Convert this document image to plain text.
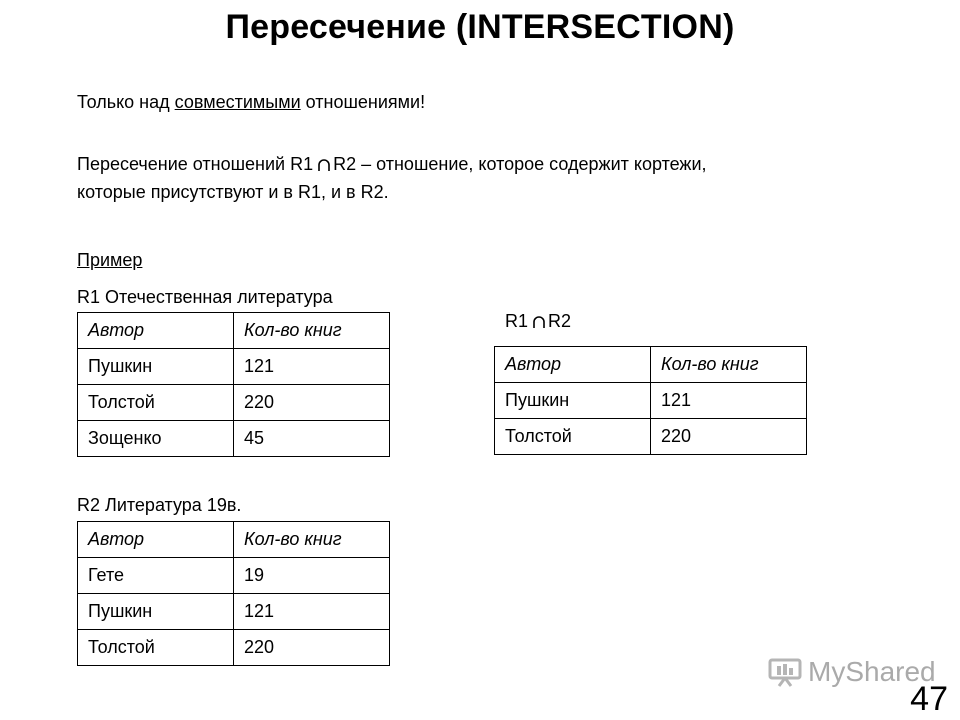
Пересечение (INTERSECTION)
Только над совместимыми отношениями!
Пересечение отношений R1 R2 – отношение, которое содержит кортежи,
которые присутствуют и в R1, и в R2.
Пример
R1 Отечественная литература
Автор	Кол-во книг
Пушкин	121
Толстой	220
Зощенко	45
R2 Литература 19в.
Автор	Кол-во книг
Гете	19
Пушкин	121
Толстой	220
R1 R2
Автор	Кол-во книг
Пушкин	121
Толстой	220
MyShared
47
